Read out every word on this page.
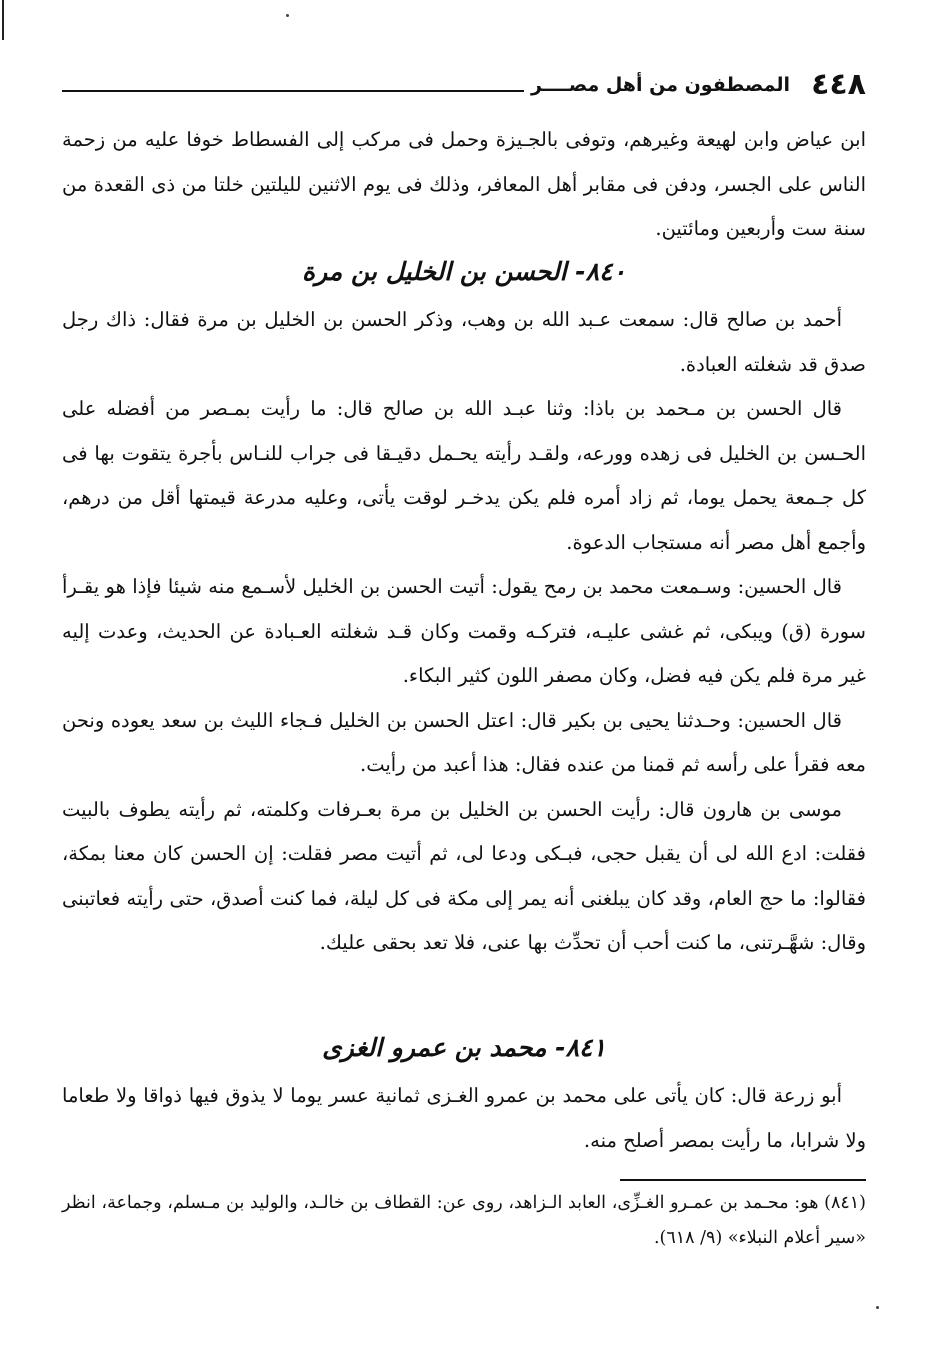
٤٤٨
المصطفون من أهل مصــــر

ابن عياض وابن لهيعة وغيرهم، وتوفى بالجـيزة وحمل فى مركب إلى الفسطاط خوفا عليه من زحمة الناس على الجسر، ودفن فى مقابر أهل المعافر، وذلك فى يوم الاثنين لليلتين خلتا من ذى القعدة من سنة ست وأربعين ومائتين.

٨٤٠- الحسن بن الخليل بن مرة

أحمد بن صالح قال: سمعت عـبد الله بن وهب، وذكر الحسن بن الخليل بن مرة فقال: ذاك رجل صدق قد شغلته العبادة.

قال الحسن بن مـحمد بن باذا: وثنا عبـد الله بن صالح قال: ما رأيت بمـصر من أفضله على الحـسن بن الخليل فى زهده وورعه، ولقـد رأيته يحـمل دقيـقا فى جراب للنـاس بأجرة يتقوت بها فى كل جـمعة يحمل يوما، ثم زاد أمره فلم يكن يدخـر لوقت يأتى، وعليه مدرعة قيمتها أقل من درهم، وأجمع أهل مصر أنه مستجاب الدعوة.

قال الحسين: وسـمعت محمد بن رمح يقول: أتيت الحسن بن الخليل لأسـمع منه شيئا فإذا هو يقـرأ سورة (ق) ويبكى، ثم غشى عليـه، فتركـه وقمت وكان قـد شغلته العـبادة عن الحديث، وعدت إليه غير مرة فلم يكن فيه فضل، وكان مصفر اللون كثير البكاء.

قال الحسين: وحـدثنا يحيى بن بكير قال: اعتل الحسن بن الخليل فـجاء الليث بن سعد يعوده ونحن معه فقرأ على رأسه ثم قمنا من عنده فقال: هذا أعبد من رأيت.

موسى بن هارون قال: رأيت الحسن بن الخليل بن مرة بعـرفات وكلمته، ثم رأيته يطوف بالبيت فقلت: ادع الله لى أن يقبل حجى، فبـكى ودعا لى، ثم أتيت مصر فقلت: إن الحسن كان معنا بمكة، فقالوا: ما حج العام، وقد كان يبلغنى أنه يمر إلى مكة فى كل ليلة، فما كنت أصدق، حتى رأيته فعاتبنى وقال: شهَّـرتنى، ما كنت أحب أن تحدِّث بها عنى، فلا تعد بحقى عليك.

٨٤١- محمد بن عمرو الغزى

أبو زرعة قال: كان يأتى على محمد بن عمرو الغـزى ثمانية عسر يوما لا يذوق فيها ذواقا ولا طعاما ولا شرابا، ما رأيت بمصر أصلح منه.

(٨٤١) هو: محـمد بن عمـرو الغـزِّى، العابد الـزاهد، روى عن: القطاف بن خالـد، والوليد بن مـسلم، وجماعة، انظر «سير أعلام النبلاء» (٩/ ٦١٨).
